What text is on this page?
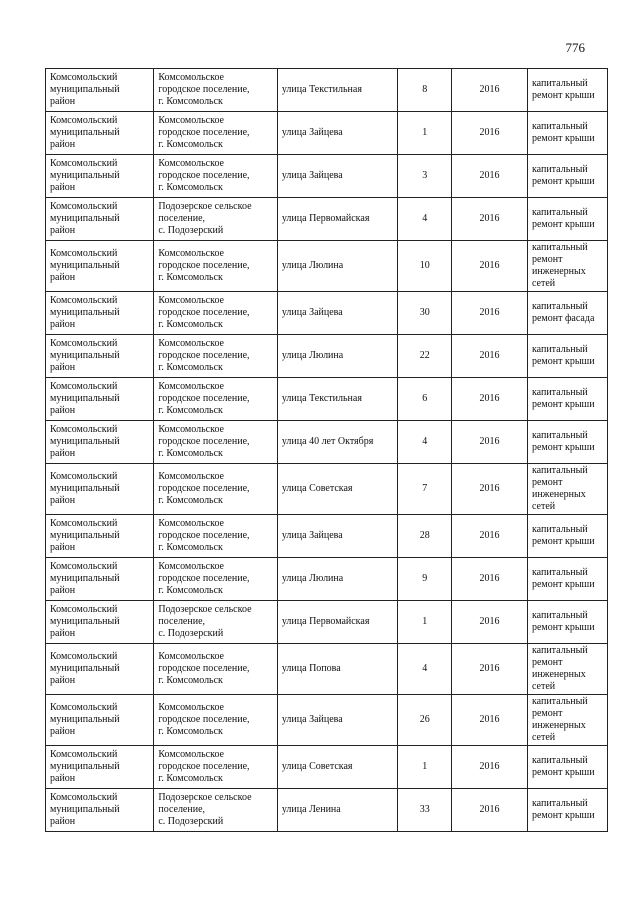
776
Комсомольский
муниципальный
район	Комсомольское
городское поселение,
г. Комсомольск	улица Текстильная	8	2016	капитальный
ремонт крыши
Комсомольский
муниципальный
район	Комсомольское
городское поселение,
г. Комсомольск	улица Зайцева	1	2016	капитальный
ремонт крыши
Комсомольский
муниципальный
район	Комсомольское
городское поселение,
г. Комсомольск	улица Зайцева	3	2016	капитальный
ремонт крыши
Комсомольский
муниципальный
район	Подозерское сельское
поселение,
с. Подозерский	улица Первомайская	4	2016	капитальный
ремонт крыши
Комсомольский
муниципальный
район	Комсомольское
городское поселение,
г. Комсомольск	улица Люлина	10	2016	капитальный
ремонт
инженерных
сетей
Комсомольский
муниципальный
район	Комсомольское
городское поселение,
г. Комсомольск	улица Зайцева	30	2016	капитальный
ремонт фасада
Комсомольский
муниципальный
район	Комсомольское
городское поселение,
г. Комсомольск	улица Люлина	22	2016	капитальный
ремонт крыши
Комсомольский
муниципальный
район	Комсомольское
городское поселение,
г. Комсомольск	улица Текстильная	6	2016	капитальный
ремонт крыши
Комсомольский
муниципальный
район	Комсомольское
городское поселение,
г. Комсомольск	улица 40 лет Октября	4	2016	капитальный
ремонт крыши
Комсомольский
муниципальный
район	Комсомольское
городское поселение,
г. Комсомольск	улица Советская	7	2016	капитальный
ремонт
инженерных
сетей
Комсомольский
муниципальный
район	Комсомольское
городское поселение,
г. Комсомольск	улица Зайцева	28	2016	капитальный
ремонт крыши
Комсомольский
муниципальный
район	Комсомольское
городское поселение,
г. Комсомольск	улица Люлина	9	2016	капитальный
ремонт крыши
Комсомольский
муниципальный
район	Подозерское сельское
поселение,
с. Подозерский	улица Первомайская	1	2016	капитальный
ремонт крыши
Комсомольский
муниципальный
район	Комсомольское
городское поселение,
г. Комсомольск	улица Попова	4	2016	капитальный
ремонт
инженерных
сетей
Комсомольский
муниципальный
район	Комсомольское
городское поселение,
г. Комсомольск	улица Зайцева	26	2016	капитальный
ремонт
инженерных
сетей
Комсомольский
муниципальный
район	Комсомольское
городское поселение,
г. Комсомольск	улица Советская	1	2016	капитальный
ремонт крыши
Комсомольский
муниципальный
район	Подозерское сельское
поселение,
с. Подозерский	улица Ленина	33	2016	капитальный
ремонт крыши
